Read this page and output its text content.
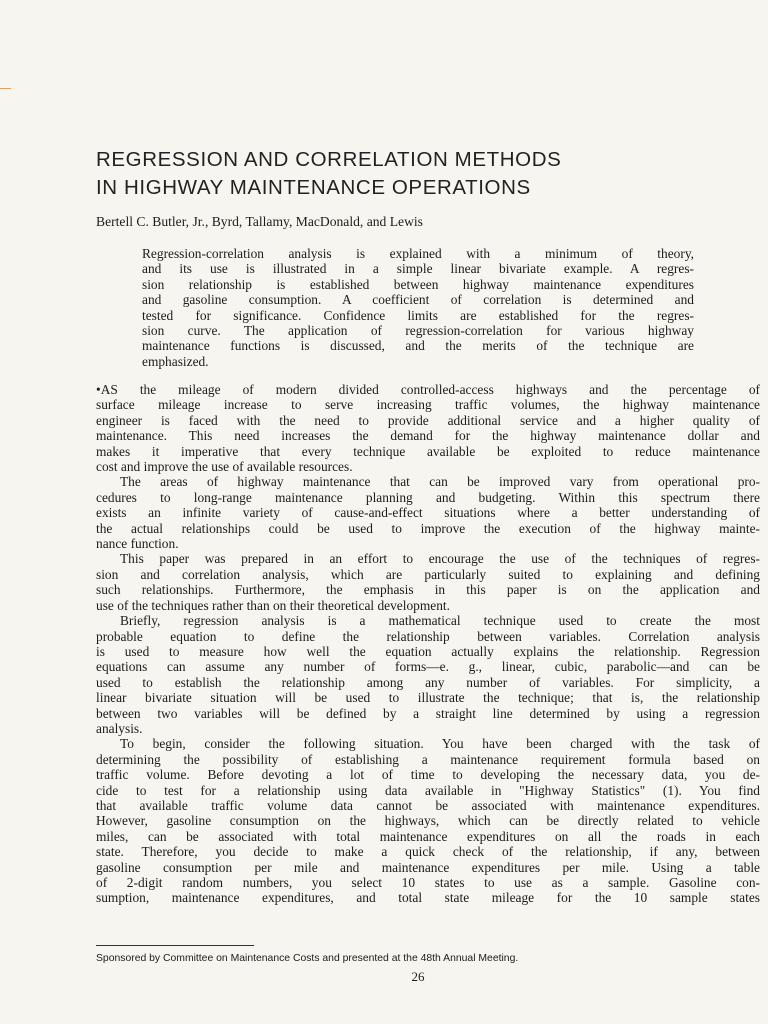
REGRESSION AND CORRELATION METHODS
IN HIGHWAY MAINTENANCE OPERATIONS
Bertell C. Butler, Jr., Byrd, Tallamy, MacDonald, and Lewis
Regression-correlation analysis is explained with a minimum of theory,
and its use is illustrated in a simple linear bivariate example. A regres-
sion relationship is established between highway maintenance expenditures
and gasoline consumption. A coefficient of correlation is determined and
tested for significance. Confidence limits are established for the regres-
sion curve. The application of regression-correlation for various highway
maintenance functions is discussed, and the merits of the technique are
emphasized.
•AS the mileage of modern divided controlled-access highways and the percentage of
surface mileage increase to serve increasing traffic volumes, the highway maintenance
engineer is faced with the need to provide additional service and a higher quality of
maintenance. This need increases the demand for the highway maintenance dollar and
makes it imperative that every technique available be exploited to reduce maintenance
cost and improve the use of available resources.
The areas of highway maintenance that can be improved vary from operational pro-
cedures to long-range maintenance planning and budgeting. Within this spectrum there
exists an infinite variety of cause-and-effect situations where a better understanding of
the actual relationships could be used to improve the execution of the highway mainte-
nance function.
This paper was prepared in an effort to encourage the use of the techniques of regres-
sion and correlation analysis, which are particularly suited to explaining and defining
such relationships. Furthermore, the emphasis in this paper is on the application and
use of the techniques rather than on their theoretical development.
Briefly, regression analysis is a mathematical technique used to create the most
probable equation to define the relationship between variables. Correlation analysis
is used to measure how well the equation actually explains the relationship. Regression
equations can assume any number of forms—e. g., linear, cubic, parabolic—and can be
used to establish the relationship among any number of variables. For simplicity, a
linear bivariate situation will be used to illustrate the technique; that is, the relationship
between two variables will be defined by a straight line determined by using a regression
analysis.
To begin, consider the following situation. You have been charged with the task of
determining the possibility of establishing a maintenance requirement formula based on
traffic volume. Before devoting a lot of time to developing the necessary data, you de-
cide to test for a relationship using data available in "Highway Statistics" (1). You find
that available traffic volume data cannot be associated with maintenance expenditures.
However, gasoline consumption on the highways, which can be directly related to vehicle
miles, can be associated with total maintenance expenditures on all the roads in each
state. Therefore, you decide to make a quick check of the relationship, if any, between
gasoline consumption per mile and maintenance expenditures per mile. Using a table
of 2-digit random numbers, you select 10 states to use as a sample. Gasoline con-
sumption, maintenance expenditures, and total state mileage for the 10 sample states
Sponsored by Committee on Maintenance Costs and presented at the 48th Annual Meeting.
26
